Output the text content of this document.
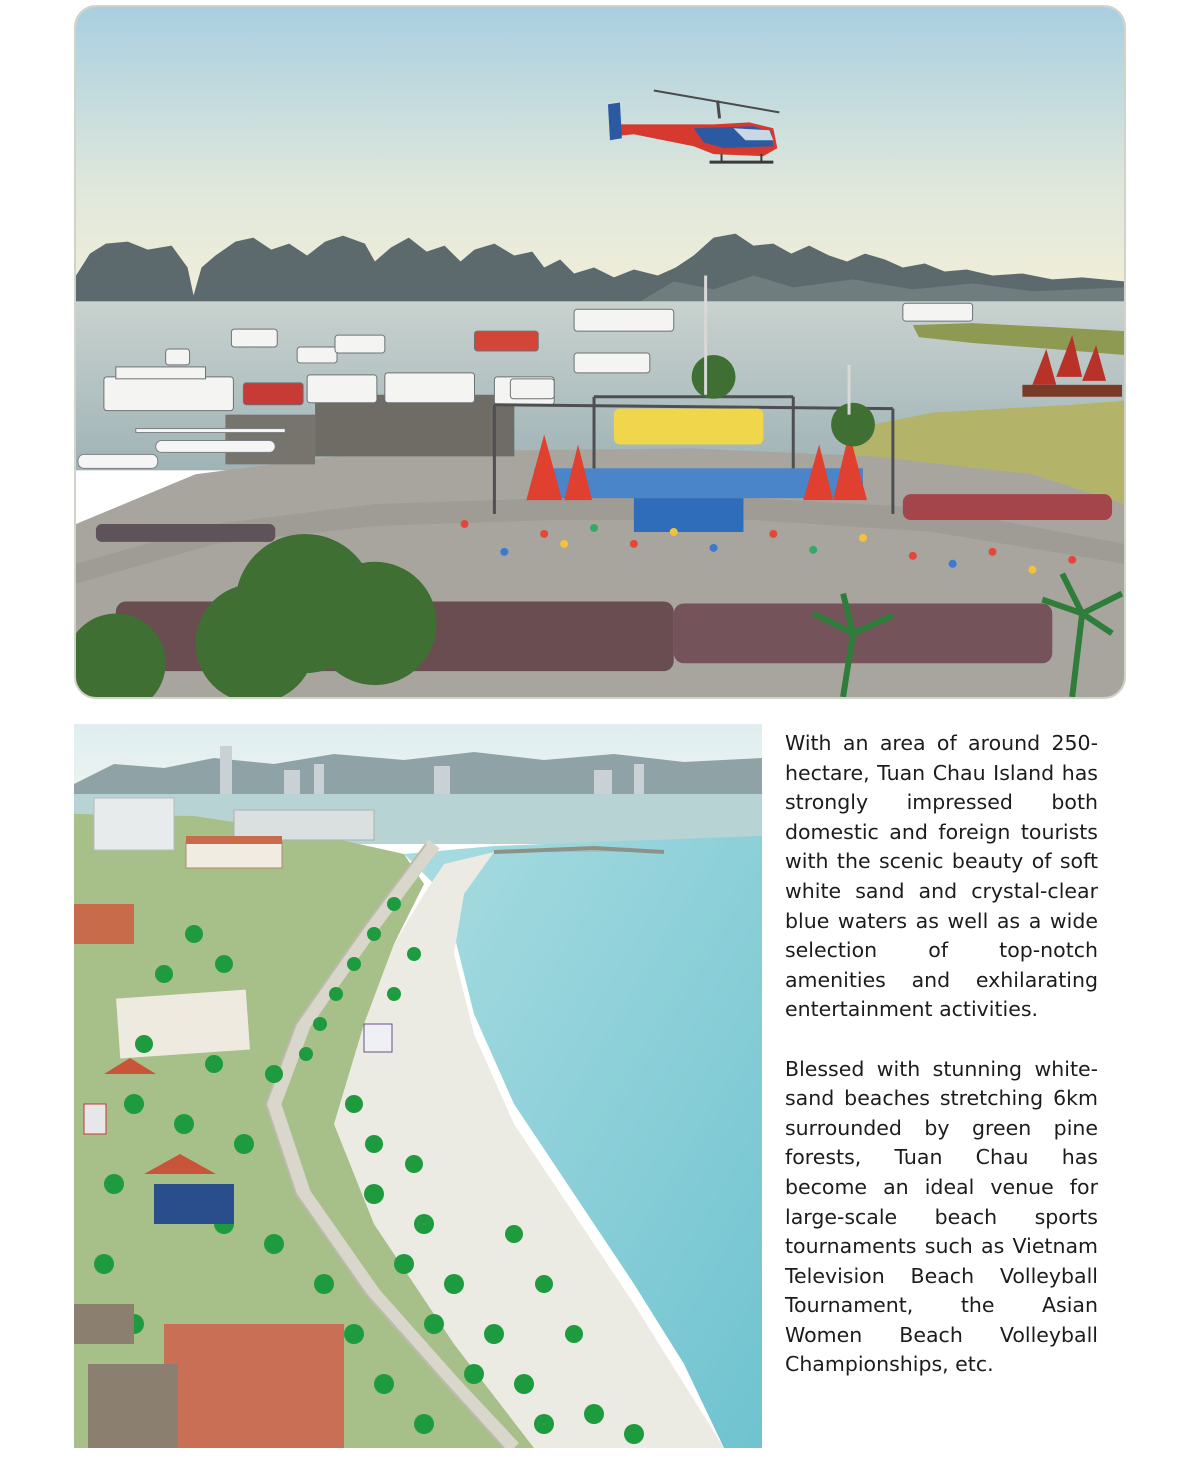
With an area of around 250-hectare, Tuan Chau Island has strongly impressed both domestic and foreign tourists with the scenic beauty of soft white sand and crystal-clear blue waters as well as a wide selection of top-notch amenities and exhilarating entertainment activities.

Blessed with stunning white-sand beaches stretching 6km surrounded by green pine forests, Tuan Chau has become an ideal venue for large-scale beach sports tournaments such as Vietnam Television Beach Volleyball Tournament, the Asian Women Beach Volleyball Championships, etc.
